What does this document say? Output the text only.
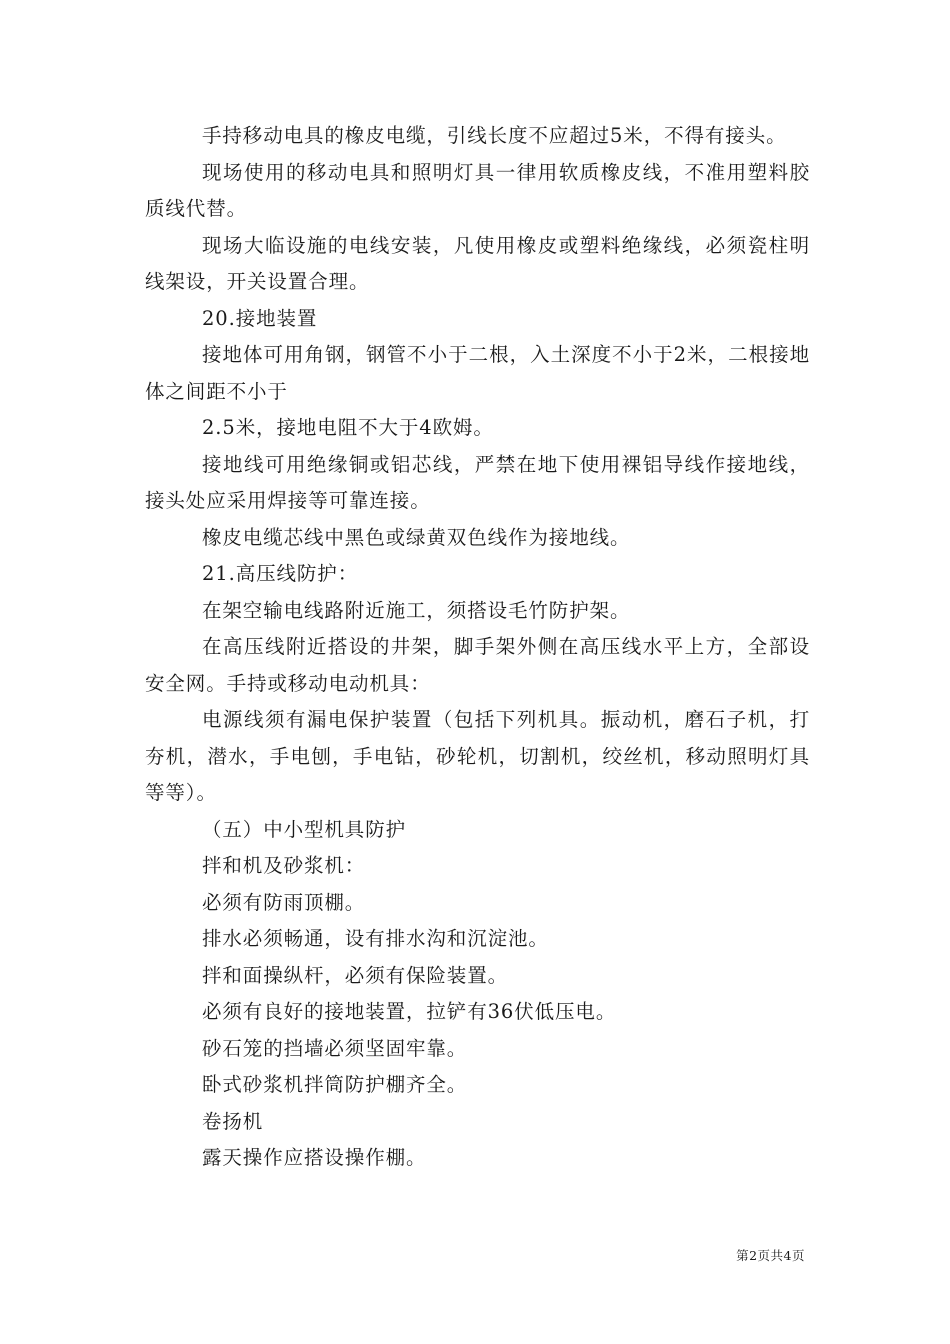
手持移动电具的橡皮电缆，引线长度不应超过5米，不得有接头。

现场使用的移动电具和照明灯具一律用软质橡皮线，不准用塑料胶质线代替。

现场大临设施的电线安装，凡使用橡皮或塑料绝缘线，必须瓷柱明线架设，开关设置合理。

20.接地装置

接地体可用角钢，钢管不小于二根，入土深度不小于2米，二根接地体之间距不小于

2.5米，接地电阻不大于4欧姆。

接地线可用绝缘铜或铝芯线，严禁在地下使用裸铝导线作接地线，接头处应采用焊接等可靠连接。

橡皮电缆芯线中黑色或绿黄双色线作为接地线。

21.高压线防护：

在架空输电线路附近施工，须搭设毛竹防护架。

在高压线附近搭设的井架，脚手架外侧在高压线水平上方，全部设安全网。手持或移动电动机具：

电源线须有漏电保护装置（包括下列机具。振动机，磨石子机，打夯机，潜水，手电刨，手电钻，砂轮机，切割机，绞丝机，移动照明灯具等等）。

（五）中小型机具防护

拌和机及砂浆机：

必须有防雨顶棚。

排水必须畅通，设有排水沟和沉淀池。

拌和面操纵杆，必须有保险装置。

必须有良好的接地装置，拉铲有36伏低压电。

砂石笼的挡墙必须坚固牢靠。

卧式砂浆机拌筒防护棚齐全。

卷扬机

露天操作应搭设操作棚。

第2页共4页
